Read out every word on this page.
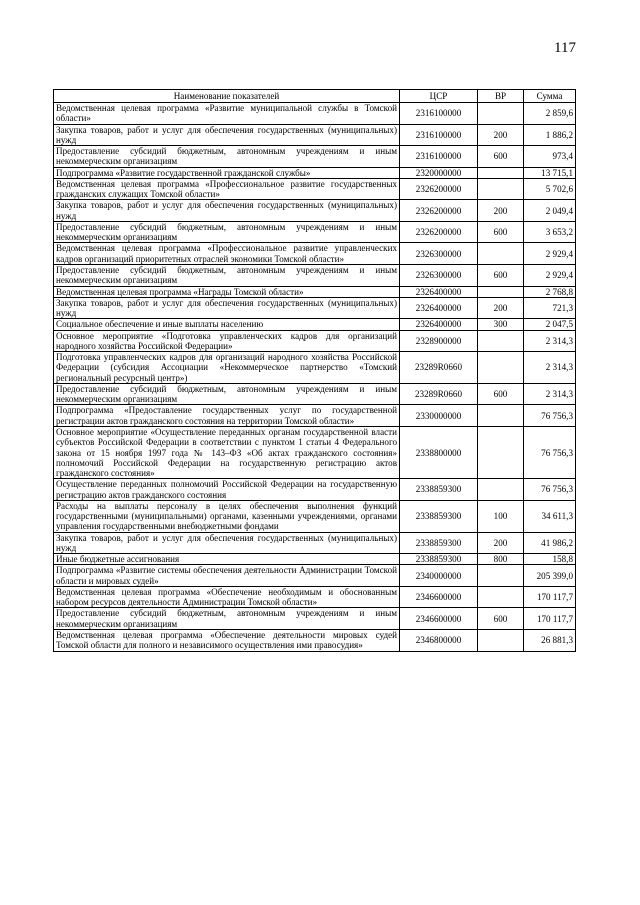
117
Наименование показателей	ЦСР	ВР	Сумма
Ведомственная целевая программа «Развитие муниципальной службы в Томской области»	2316100000		2 859,6
Закупка товаров, работ и услуг для обеспечения государственных (муниципальных) нужд	2316100000	200	1 886,2
Предоставление субсидий бюджетным, автономным учреждениям и иным некоммерческим организациям	2316100000	600	973,4
Подпрограмма «Развитие государственной гражданской службы»	2320000000		13 715,1
Ведомственная целевая программа «Профессиональное развитие государственных гражданских служащих Томской области»	2326200000		5 702,6
Закупка товаров, работ и услуг для обеспечения государственных (муниципальных) нужд	2326200000	200	2 049,4
Предоставление субсидий бюджетным, автономным учреждениям и иным некоммерческим организациям	2326200000	600	3 653,2
Ведомственная целевая программа «Профессиональное развитие управленческих кадров организаций приоритетных отраслей экономики Томской области»	2326300000		2 929,4
Предоставление субсидий бюджетным, автономным учреждениям и иным некоммерческим организациям	2326300000	600	2 929,4
Ведомственная целевая программа «Награды Томской области»	2326400000		2 768,8
Закупка товаров, работ и услуг для обеспечения государственных (муниципальных) нужд	2326400000	200	721,3
Социальное обеспечение и иные выплаты населению	2326400000	300	2 047,5
Основное мероприятие «Подготовка управленческих кадров для организаций народного хозяйства Российской Федерации»	2328900000		2 314,3
Подготовка управленческих кадров для организаций народного хозяйства Российской Федерации (субсидия Ассоциации «Некоммерческое партнерство «Томский региональный ресурсный центр»)	23289R0660		2 314,3
Предоставление субсидий бюджетным, автономным учреждениям и иным некоммерческим организациям	23289R0660	600	2 314,3
Подпрограмма «Предоставление государственных услуг по государственной регистрации актов гражданского состояния на территории Томской области»	2330000000		76 756,3
Основное мероприятие «Осуществление переданных органам государственной власти субъектов Российской Федерации в соответствии с пунктом 1 статьи 4 Федерального закона от 15 ноября 1997 года № 143–ФЗ «Об актах гражданского состояния» полномочий Российской Федерации на государственную регистрацию актов гражданского состояния»	2338800000		76 756,3
Осуществление переданных полномочий Российской Федерации на государственную регистрацию актов гражданского состояния	2338859300		76 756,3
Расходы на выплаты персоналу в целях обеспечения выполнения функций государственными (муниципальными) органами, казенными учреждениями, органами управления государственными внебюджетными фондами	2338859300	100	34 611,3
Закупка товаров, работ и услуг для обеспечения государственных (муниципальных) нужд	2338859300	200	41 986,2
Иные бюджетные ассигнования	2338859300	800	158,8
Подпрограмма «Развитие системы обеспечения деятельности Администрации Томской области и мировых судей»	2340000000		205 399,0
Ведомственная целевая программа «Обеспечение необходимым и обоснованным набором ресурсов деятельности Администрации Томской области»	2346600000		170 117,7
Предоставление субсидий бюджетным, автономным учреждениям и иным некоммерческим организациям	2346600000	600	170 117,7
Ведомственная целевая программа «Обеспечение деятельности мировых судей Томской области для полного и независимого осуществления ими правосудия»	2346800000		26 881,3
